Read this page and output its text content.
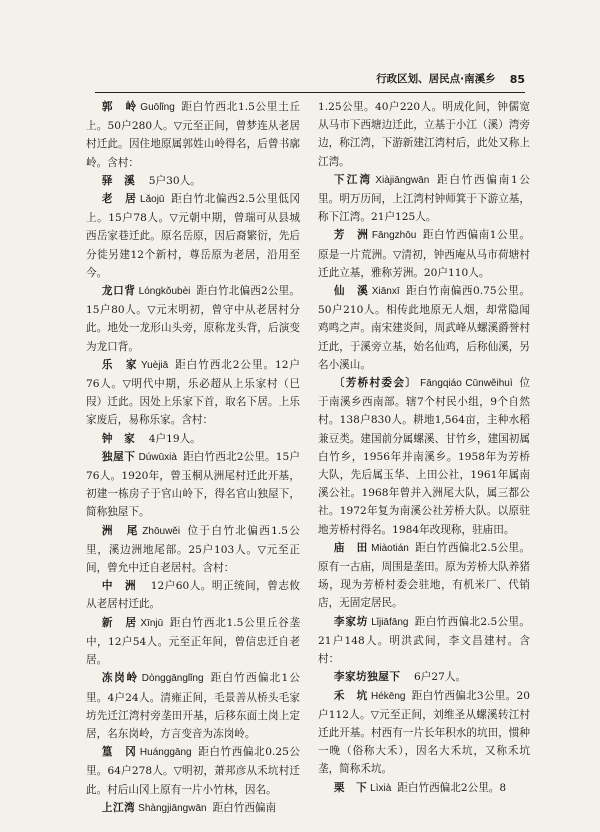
行政区划、居民点·南溪乡 85

郭　岭 Guōlǐng 距白竹西北1.5公里土丘上。50户280人。▽元至正间，曾梦连从老居村迁此。因住地原属郭姓山岭得名，后曾书廓岭。含村：

驿　溪　 5户30人。

老　居 Lǎojū 距白竹北偏西2.5公里低冈上。15户78人。▽元朝中期，曾瑞可从县城西岳家巷迁此。原名岳原，因后裔繁衍，先后分徙另建12个新村，尊岳原为老居，沿用至今。

龙口背 Lóngkǒubèi 距白竹北偏西2公里。15户80人。▽元末明初，曾守中从老居村分此。地处一龙形山头旁，原称龙头背，后演变为龙口背。

乐　家 Yuèjiā 距白竹西北2公里。12户76人。▽明代中期，乐必超从上乐家村（巳叚）迁此。因处上乐家下首，取名下居。上乐家废后，易称乐家。含村：

钟　家　 4户19人。

独屋下 Dúwūxià 距白竹西北2公里。15户76人。1920年，曾玉桐从洲尾村迁此开基，初建一栋房子于官山岭下，得名官山独屋下，简称独屋下。

洲　尾 Zhōuwěi 位于白竹北偏西1.5公里，溪边洲地尾部。25户103人。▽元至正间，曾允中迁自老居村。含村：

中　洲　 12户60人。明正统间，曾志攸从老居村迁此。

新　居 Xīnjū 距白竹西北1.5公里丘谷垄中，12户54人。元至正年间，曾信忠迁自老居。

冻岗岭 Dònggānglǐng 距白竹西偏北1公里。4户24人。清雍正间，毛景善从桥头毛家坊先迁江湾村旁垄田开基，后移东面土岗上定居，名东岗岭，方言变音为冻岗岭。

篁　冈 Huánggāng 距白竹西偏北0.25公里。64户278人。▽明初，萧邦彦从禾坑村迁此。村后山冈上原有一片小竹林，因名。

上江湾 Shàngjiāngwān 距白竹西偏南

1.25公里。40户220人。明成化间，钟儒宽从马市下西塘边迁此，立基于小江（溪）湾旁边，称江湾，下游新建江湾村后，此处又称上江湾。

下江湾 Xiàjiāngwān 距白竹西偏南1公里。明万历间，上江湾村钟师箕于下游立基，称下江湾。21户125人。

芳　洲 Fāngzhōu 距白竹西偏南1公里。原是一片荒洲。▽清初，钟西庵从马市荷塘村迁此立基，雅称芳洲。20户110人。

仙　溪 Xiānxī 距白竹南偏西0.75公里。50户210人。相传此地原无人烟，却常隐闻鸡鸣之声。南宋建炎间，周武峰从螺溪爵誉村迁此，于溪旁立基，始名仙鸡，后称仙溪，另名小溪山。

〔芳桥村委会〕 Fāngqiáo Cūnwěihuì 位于南溪乡西南部。辖7个村民小组，9个自然村。138户830人。耕地1,564亩，主种水稻兼豆类。建国前分属螺溪、甘竹乡，建国初属白竹乡，1956年并南溪乡。1958年为芳桥大队，先后属玉华、上田公社，1961年属南溪公社。1968年曾并入洲尾大队，属三都公社。1972年复为南溪公社芳桥大队。以原驻地芳桥村得名。1984年改现称，驻庙田。

庙　田 Miàotián 距白竹西偏北2.5公里。原有一古庙，周围是垄田。原为芳桥大队养猪场，现为芳桥村委会驻地，有机米厂、代销店，无固定居民。

李家坊 Lǐjiāfāng 距白竹西偏北2.5公里。21户148人。明洪武间，李文昌建村。含村：

李家坊独屋下　 6户27人。

禾　坑 Hékēng 距白竹西偏北3公里。20户112人。▽元至正间，刘维圣从螺溪转江村迁此开基。村西有一片长年积水的坑田，惯种一晚（俗称大禾），因名大禾坑，又称禾坑垄，简称禾坑。

栗　下 Lìxià 距白竹西偏北2公里。8
